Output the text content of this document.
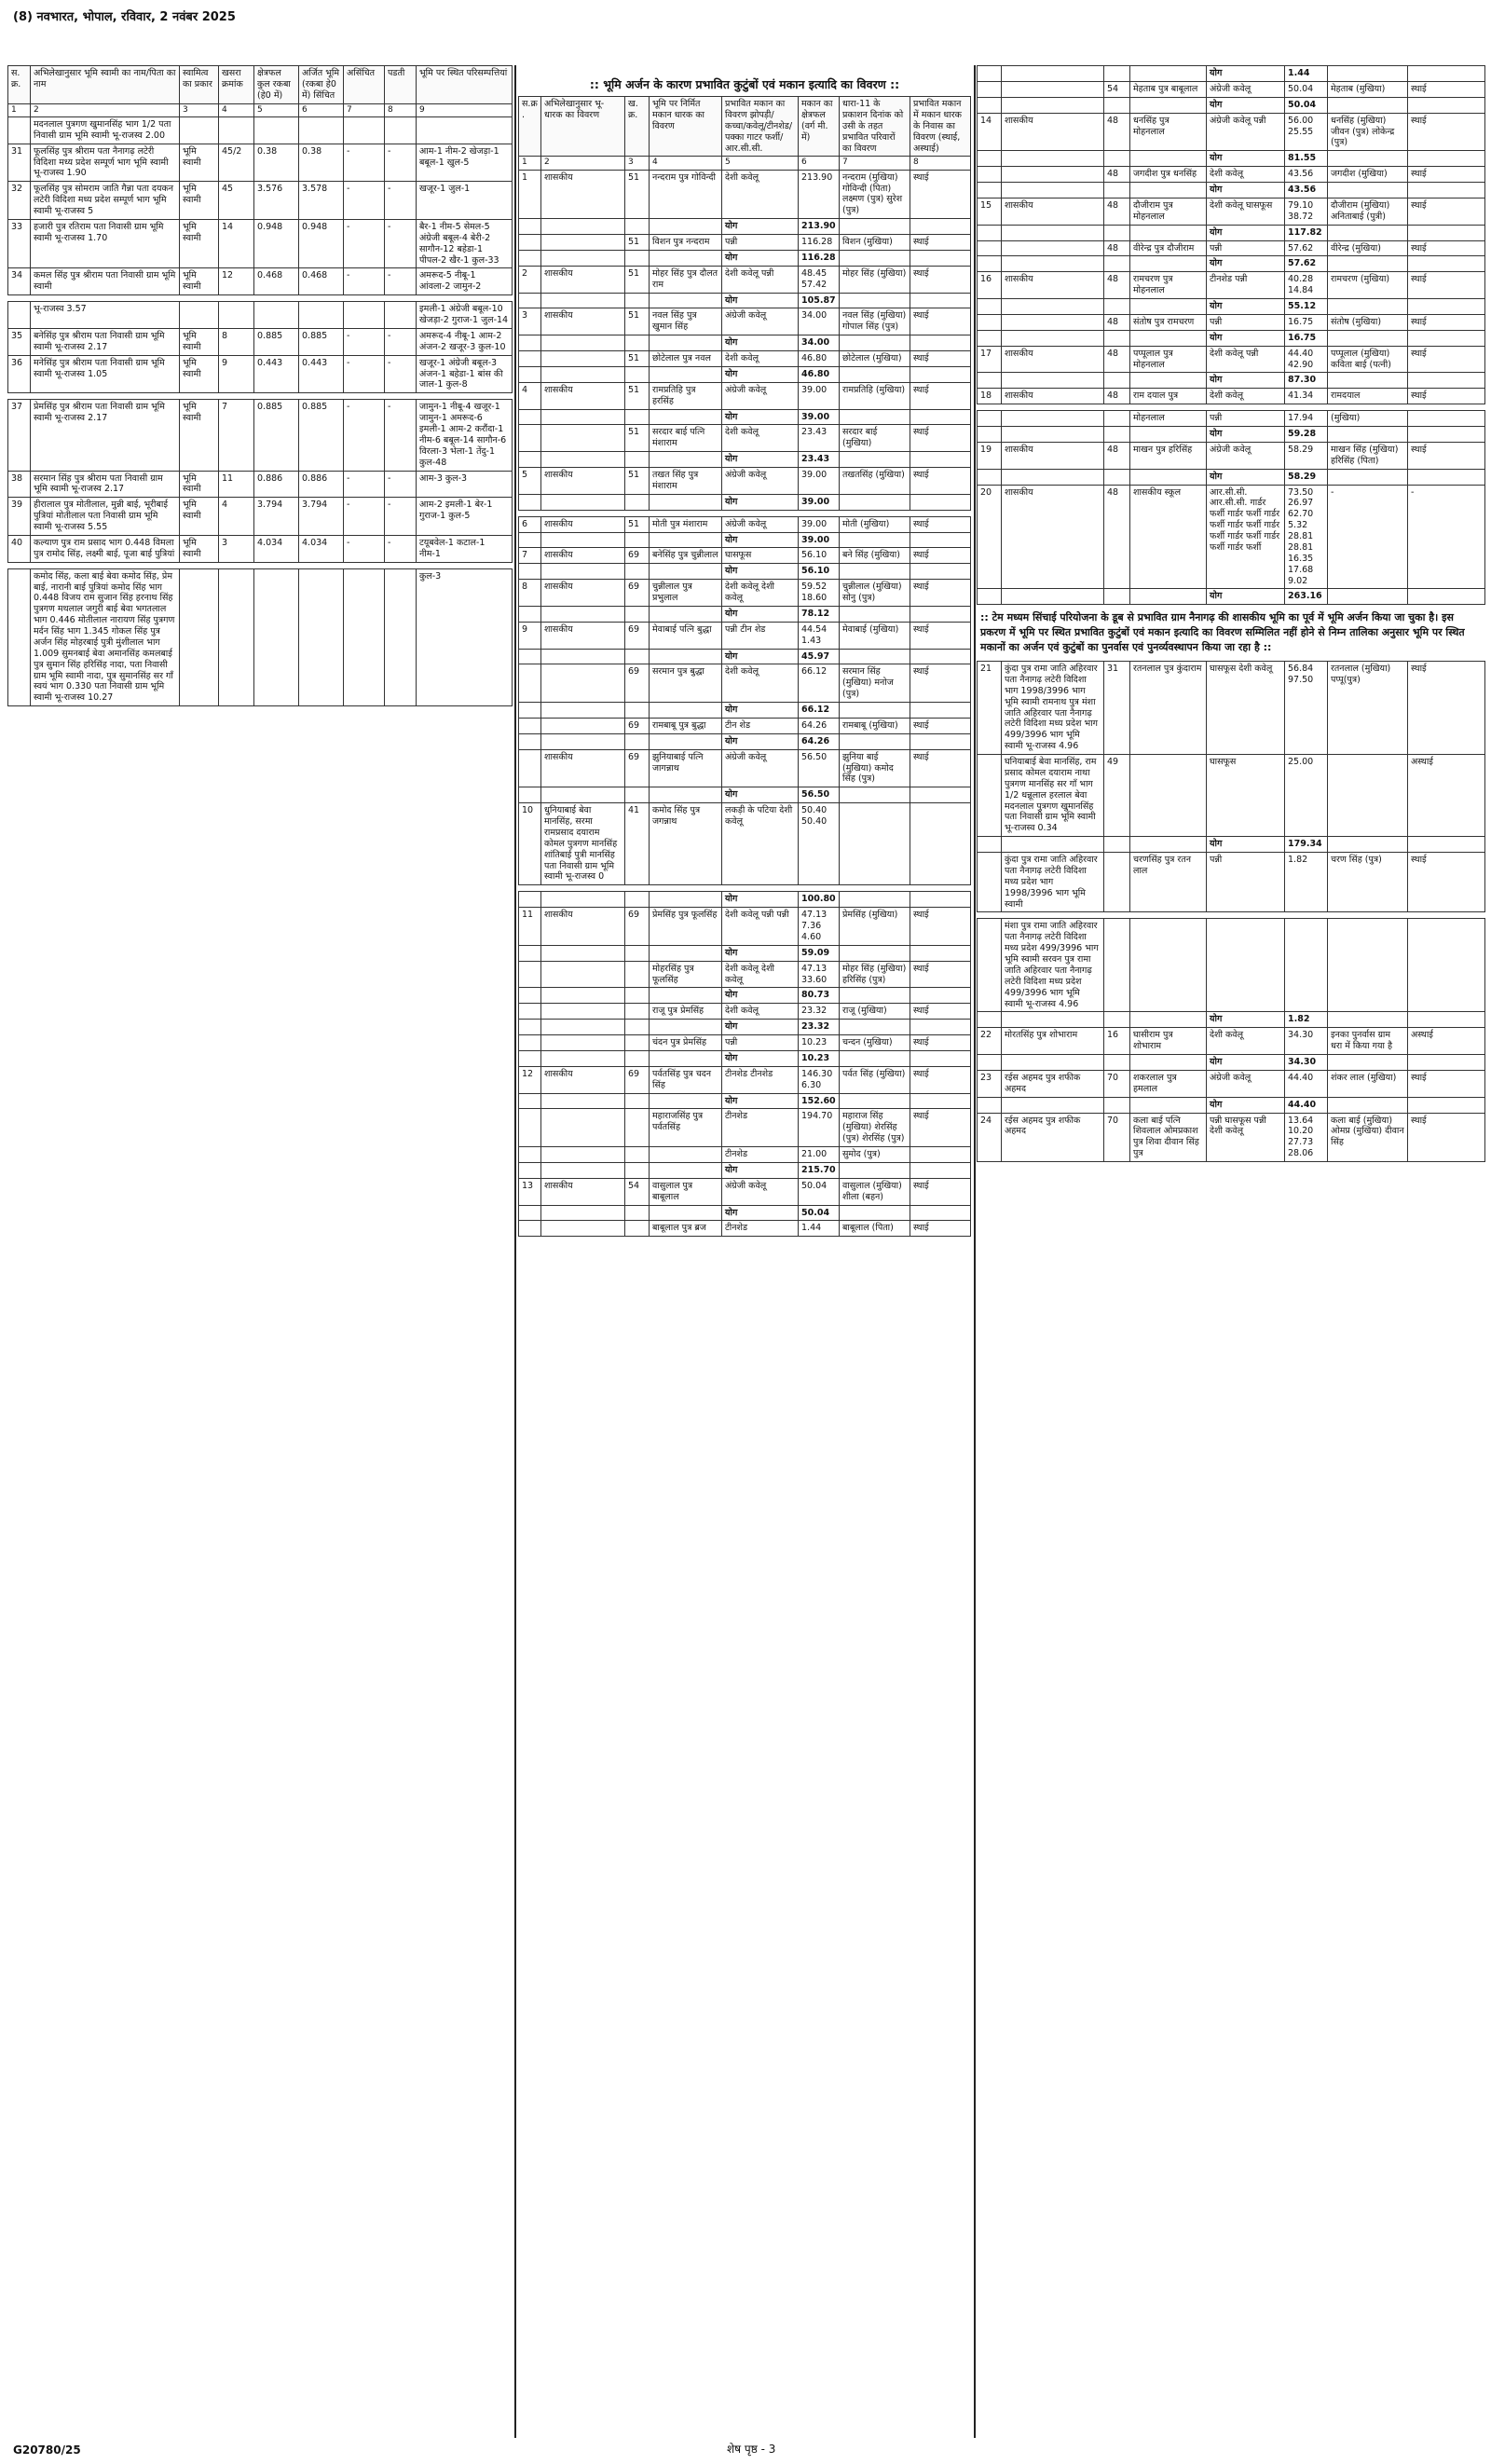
(8) नवभारत, भोपाल, रविवार, 2 नवंबर 2025
स. क्र.	अभिलेखानुसार भूमि स्वामी का नाम/पिता का नाम	स्वामित्व का प्रकार	खसरा क्रमांक	क्षेत्रफल कुल रकबा (हे0 में)	अर्जित भूमि (रकबा हे0 में) सिंचित	असिंचित	पडती	भूमि पर स्थित परिसम्पत्तियां
1	2	3	4	5	6	7	8	9
	मदनलाल पुत्रगण खुमानसिंह भाग 1/2 पता निवासी ग्राम भूमि स्वामी भू-राजस्व 2.00							
31	फूलसिंह पुत्र श्रीराम पता नैनागढ़ लटेरी विदिशा मध्य प्रदेश सम्पूर्ण भाग भूमि स्वामी भू-राजस्व 1.90	भूमि स्वामी	45/2	0.38	0.38	-	-	आम-1 नीम-2 खेजड़ा-1 बबूल-1 खुल-5
32	फूलसिंह पुत्र सोमराम जाति गैन्ना पता दयकन लटेरी विदिशा मध्य प्रदेश सम्पूर्ण भाग भूमि स्वामी भू-राजस्व 5	भूमि स्वामी	45	3.576	3.578	-	-	खजूर-1 जुल-1
33	हजारी पुत्र रतिराम पता निवासी ग्राम भूमि स्वामी भू-राजस्व 1.70	भूमि स्वामी	14	0.948	0.948	-	-	बैर-1 नीम-5 सेमल-5 अंग्रेजी बबूल-4 बेरी-2 सागौन-12 बहेडा-1 पीपल-2 खैर-1 कुल-33
34	कमल सिंह पुत्र श्रीराम पता निवासी ग्राम भूमि स्वामी	भूमि स्वामी	12	0.468	0.468	-	-	अमरूद-5 नीबू-1 आंवला-2 जामुन-2
	भू-राजस्व 3.57							इमली-1 अंग्रेजी बबूल-10 खेजड़ा-2 गुराज-1 जुल-14
35	बनेसिंह पुत्र श्रीराम पता निवासी ग्राम भूमि स्वामी भू-राजस्व 2.17	भूमि स्वामी	8	0.885	0.885	-	-	अमरूद-4 नीबू-1 आम-2 अंजन-2 खजूर-3 कुल-10
36	मनेसिंह पुत्र श्रीराम पता निवासी ग्राम भूमि स्वामी भू-राजस्व 1.05	भूमि स्वामी	9	0.443	0.443	-	-	खजूर-1 अंग्रेजी बबूल-3 अंजन-1 बहेडा-1 बांस की जाल-1 कुल-8
37	प्रेमसिंह पुत्र श्रीराम पता निवासी ग्राम भूमि स्वामी भू-राजस्व 2.17	भूमि स्वामी	7	0.885	0.885	-	-	जामुन-1 नीबू-4 खजूर-1 जामुन-1 अमरूद-6 इमली-1 आम-2 करौंदा-1 नीम-6 बबूल-14 सागौन-6 विरला-3 भेला-1 तेंदु-1 कुल-48
38	सरमान सिंह पुत्र श्रीराम पता निवासी ग्राम भूमि स्वामी भू-राजस्व 2.17	भूमि स्वामी	11	0.886	0.886	-	-	आम-3 कुल-3
39	हीरालाल पुत्र मोतीलाल, मुन्नी बाई, भूरीबाई पुत्रियां मोतीलाल पता निवासी ग्राम भूमि स्वामी भू-राजस्व 5.55	भूमि स्वामी	4	3.794	3.794	-	-	आम-2 इमली-1 बेर-1 गुराज-1 कुल-5
40	कल्याण पुत्र राम प्रसाद भाग 0.448 विमला पुत्र रामोद सिंह, लक्ष्मी बाई, पूजा बाई पुत्रियां	भूमि स्वामी	3	4.034	4.034	-	-	टयूबवेल-1 कटाल-1 नीम-1
	कमोद सिंह, कला बाई बेवा कमोद सिंह, प्रेम बाई, नारानी बाई पुत्रियां कमोद सिंह भाग 0.448 विजय राम सुजान सिंह हरनाथ सिंह पुत्रगण मथलाल जगुरी बाई बेवा भगतलाल भाग 0.446 मोतीलाल नारायण सिंह पुत्रगण मर्दन सिंह भाग 1.345 गोकल सिंह पुत्र अर्जन सिंह मोहरबाई पुत्री मुंशीलाल भाग 1.009 सुमनबाई बेवा अमानसिंह कमलबाई पुत्र सुमान सिंह हरिसिंह नादा, पता निवासी ग्राम भूमि स्वामी नादा, पुत्र सुमानसिंह सर गाँ स्वयं भाग 0.330 पता निवासी ग्राम भूमि स्वामी भू-राजस्व 10.27							कुल-3
:: भूमि अर्जन के कारण प्रभावित कुटुंबों एवं मकान इत्यादि का विवरण ::
स.क्र.	अभिलेखानुसार भू-धारक का विवरण	ख. क्र.	भूमि पर निर्मित मकान धारक का विवरण	प्रभावित मकान का विवरण झोपड़ी/कच्चा/कवेलू/टीनशेड/पक्का गाटर फर्शी/आर.सी.सी.	मकान का क्षेत्रफल (वर्ग मी. में)	धारा-11 के प्रकाशन दिनांक को उसी के तहत प्रभावित परिवारों का विवरण	प्रभावित मकान में मकान धारक के निवास का विवरण (स्थाई, अस्थाई)
1	2	3	4	5	6	7	8
1	शासकीय	51	नन्दराम पुत्र गोविन्दी	देशी कवेलू	213.90	नन्दराम (मुखिया) गोविन्दी (पिता) लक्ष्मण (पुत्र) सुरेश (पुत्र)	स्थाई
				योग	213.90		
		51	विशन पुत्र नन्दराम	पन्नी	116.28	विशन (मुखिया)	स्थाई
				योग	116.28		
2	शासकीय	51	मोहर सिंह पुत्र दौलत राम	देशी कवेलू पन्नी	48.45 57.42	मोहर सिंह (मुखिया)	स्थाई
				योग	105.87		
3	शासकीय	51	नवल सिंह पुत्र खुमान सिंह	अंग्रेजी कवेलू	34.00	नवल सिंह (मुखिया) गोपाल सिंह (पुत्र)	स्थाई
				योग	34.00		
		51	छोटेलाल पुत्र नवल	देशी कवेलू	46.80	छोटेलाल (मुखिया)	स्थाई
				योग	46.80		
4	शासकीय	51	रामप्रतिहि पुत्र हरसिंह	अंग्रेजी कवेलू	39.00	रामप्रतिहि (मुखिया)	स्थाई
				योग	39.00		
		51	सरदार बाई पत्नि मंशाराम	देशी कवेलू	23.43	सरदार बाई (मुखिया)	स्थाई
				योग	23.43		
5	शासकीय	51	तखत सिंह पुत्र मंशाराम	अंग्रेजी कवेलू	39.00	तखतसिंह (मुखिया)	स्थाई
				योग	39.00		
6	शासकीय	51	मोती पुत्र मंशाराम	अंग्रेजी कवेलू	39.00	मोती (मुखिया)	स्थाई
				योग	39.00		
7	शासकीय	69	बनेसिंह पुत्र चुन्नीलाल	घासफूस	56.10	बने सिंह (मुखिया)	स्थाई
				योग	56.10		
8	शासकीय	69	चुन्नीलाल पुत्र प्रभुलाल	देशी कवेलू देशी कवेलू	59.52 18.60	चुन्नीलाल (मुखिया) सोनु (पुत्र)	स्थाई
				योग	78.12		
9	शासकीय	69	मेवाबाई पत्नि बुद्धा	पन्नी टीन शेड	44.54 1.43	मेवाबाई (मुखिया)	स्थाई
				योग	45.97		
		69	सरमान पुत्र बुद्धा	देशी कवेलू	66.12	सरमान सिंह (मुखिया) मनोज (पुत्र)	स्थाई
				योग	66.12		
		69	रामबाबू पुत्र बुद्धा	टीन शेड	64.26	रामबाबू (मुखिया)	स्थाई
				योग	64.26		
	शासकीय	69	झुनियाबाई पत्नि जागन्नाथ	अंग्रेजी कवेलू	56.50	झुनिया बाई (मुखिया) कमोद सिंह (पुत्र)	स्थाई
				योग	56.50		
10	धुनियाबाई बेवा मानसिंह, सरमा रामप्रसाद दयाराम कोमल पुत्रगण मानसिंह शांतिबाई पुत्री मानसिंह पता निवासी ग्राम भूमि स्वामी भू-राजस्व 0	41	कमोद सिंह पुत्र जगन्नाथ	लकड़ी के पटिया देशी कवेलू	50.40 50.40		
				योग	100.80		
11	शासकीय	69	प्रेमसिंह पुत्र फूलसिंह	देशी कवेलू पन्नी पन्नी	47.13 7.36 4.60	प्रेमसिंह (मुखिया)	स्थाई
				योग	59.09		
			मोहरसिंह पुत्र फूलसिंह	देशी कवेलू देशी कवेलू	47.13 33.60	मोहर सिंह (मुखिया) हरिसिंह (पुत्र)	स्थाई
				योग	80.73		
			राजू पुत्र प्रेमसिंह	देशी कवेलू	23.32	राजू (मुखिया)	स्थाई
				योग	23.32		
			चंदन पुत्र प्रेमसिंह	पन्नी	10.23	चन्दन (मुखिया)	स्थाई
				योग	10.23		
12	शासकीय	69	पर्वतसिंह पुत्र चदन सिंह	टीनशेड टीनशेड	146.30 6.30	पर्वत सिंह (मुखिया)	स्थाई
				योग	152.60		
			महाराजसिंह पुत्र पर्वतसिंह	टीनशेड	194.70	महाराज सिंह (मुखिया) शेरसिंह (पुत्र) शेरसिंह (पुत्र)	स्थाई
				टीनशेड	21.00	सुमोद (पुत्र)	
				योग	215.70		
13	शासकीय	54	वासुलाल पुत्र बाबूलाल	अंग्रेजी कवेलू	50.04	वासुलाल (मुखिया) शीला (बहन)	स्थाई
				योग	50.04		
			बाबूलाल पुत्र ब्रज	टीनशेड	1.44	बाबूलाल (पिता)	स्थाई
				योग	1.44		
		54	मेहताब पुत्र बाबूलाल	अंग्रेजी कवेलू	50.04	मेहताब (मुखिया)	स्थाई
				योग	50.04		
14	शासकीय	48	धनसिंह पुत्र मोहनलाल	अंग्रेजी कवेलू पन्नी	56.00 25.55	धनसिंह (मुखिया) जीवन (पुत्र) लोकेन्द्र (पुत्र)	स्थाई
				योग	81.55		
		48	जगदीश पुत्र धनसिंह	देशी कवेलू	43.56	जगदीश (मुखिया)	स्थाई
				योग	43.56		
15	शासकीय	48	दौजीराम पुत्र मोहनलाल	देशी कवेलू घासफूस	79.10 38.72	दौजीराम (मुखिया) अनिताबाई (पुत्री)	स्थाई
				योग	117.82		
		48	वीरेन्द्र पुत्र दौजीराम	पन्नी	57.62	वीरेन्द्र (मुखिया)	स्थाई
				योग	57.62		
16	शासकीय	48	रामचरण पुत्र मोहनलाल	टीनशेड पन्नी	40.28 14.84	रामचरण (मुखिया)	स्थाई
				योग	55.12		
		48	संतोष पुत्र रामचरण	पन्नी	16.75	संतोष (मुखिया)	स्थाई
				योग	16.75		
17	शासकीय	48	पप्पूलाल पुत्र मोहनलाल	देशी कवेलू पन्नी	44.40 42.90	पप्पूलाल (मुखिया) कविता बाई (पत्नी)	स्थाई
				योग	87.30		
18	शासकीय	48	राम दयाल पुत्र	देशी कवेलू	41.34	रामदयाल	स्थाई
			मोहनलाल	पन्नी	17.94	(मुखिया)	
				योग	59.28		
19	शासकीय	48	माखन पुत्र हरिसिंह	अंग्रेजी कवेलू	58.29	माखन सिंह (मुखिया) हरिसिंह (पिता)	स्थाई
				योग	58.29		
20	शासकीय	48	शासकीय स्कूल	आर.सी.सी. आर.सी.सी. गार्डर फर्शी गार्डर फर्शी गार्डर फर्शी गार्डर फर्शी गार्डर फर्शी गार्डर फर्शी गार्डर फर्शी गार्डर फर्शी	73.50 26.97 62.70 5.32 28.81 28.81 16.35 17.68 9.02	-	-
				योग	263.16		
:: टेम मध्यम सिंचाई परियोजना के डूब से प्रभावित ग्राम नैनागढ़ की शासकीय भूमि का पूर्व में भूमि अर्जन किया जा चुका है। इस प्रकरण में भूमि पर स्थित प्रभावित कुटुंबों एवं मकान इत्यादि का विवरण सम्मिलित नहीं होने से निम्न तालिका अनुसार भूमि पर स्थित मकानों का अर्जन एवं कुटुंबों का पुनर्वास एवं पुनर्व्यवस्थापन किया जा रहा है ::
21	कुंदा पुत्र रामा जाति अहिरवार पता नैनागढ़ लटेरी विदिशा भाग 1998/3996 भाग भूमि स्वामी रामनाथ पुत्र मंशा जाति अहिरवार पता नैनागढ़ लटेरी विदिशा मध्य प्रदेश भाग 499/3996 भाग भूमि स्वामी भू-राजस्व 4.96	31	रतनलाल पुत्र कुंदाराम	घासफूस देशी कवेलू	56.84 97.50	रतनलाल (मुखिया) पप्पू(पुत्र)	स्थाई
	घनियाबाई बेवा मानसिंह, राम प्रसाद कोमल दयाराम नाथा पुत्रगण मानसिंह सर गाँ भाग 1/2 धन्नूलाल हरलाल बेवा मदनलाल पुत्रगण खुमानसिंह पता निवासी ग्राम भूमि स्वामी भू-राजस्व 0.34	49		घासफूस	25.00		अस्थाई
				योग	179.34		
	कुंदा पुत्र रामा जाति अहिरवार पता नैनागढ़ लटेरी विदिशा मध्य प्रदेश भाग 1998/3996 भाग भूमि स्वामी		चरणसिंह पुत्र रतन लाल	पन्नी	1.82	चरण सिंह (पुत्र)	स्थाई
	मंशा पुत्र रामा जाति अहिरवार पता नैनागढ़ लटेरी विदिशा मध्य प्रदेश 499/3996 भाग भूमि स्वामी सरवन पुत्र रामा जाति अहिरवार पता नैनागढ़ लटेरी विदिशा मध्य प्रदेश 499/3996 भाग भूमि स्वामी भू-राजस्व 4.96						
				योग	1.82		
22	मोरतसिंह पुत्र शोभाराम	16	घासीराम पुत्र शोभाराम	देशी कवेलू	34.30	इनका पुनर्वास ग्राम धरा में किया गया है	अस्थाई
				योग	34.30		
23	रईस अहमद पुत्र शफीक अहमद	70	शकरलाल पुत्र हमलाल	अंग्रेजी कवेलू	44.40	शंकर लाल (मुखिया)	स्थाई
				योग	44.40		
24	रईस अहमद पुत्र शफीक अहमद	70	कला बाई पत्नि शिवलाल ओमप्रकाश पुत्र शिवा दीवान सिंह पुत्र	पन्नी घासफूस पन्नी देशी कवेलू	13.64 10.20 27.73 28.06	कला बाई (मुखिया) ओमप्र (मुखिया) दीवान सिंह	स्थाई
G20780/25	शेष पृष्ठ - 3
